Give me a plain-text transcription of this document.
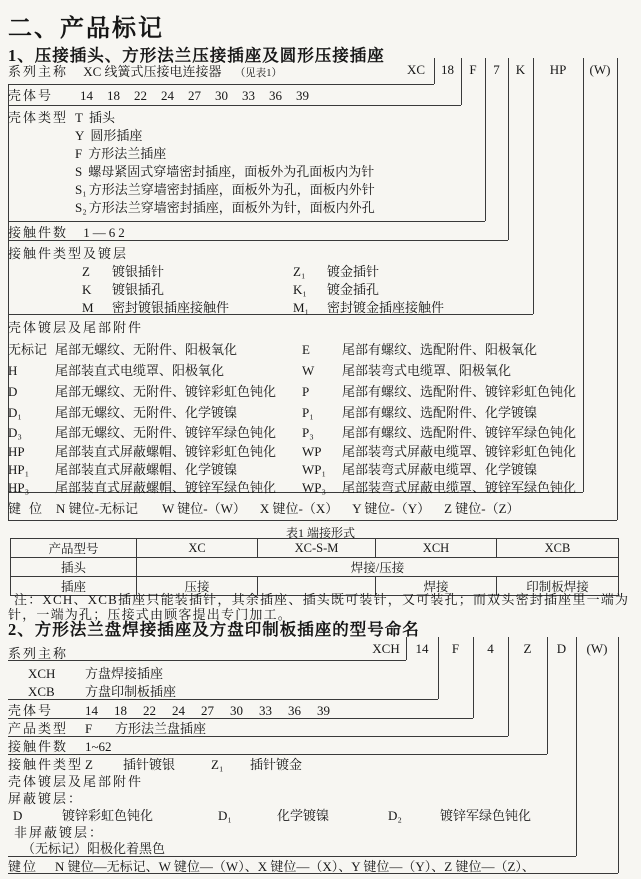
二、产品标记
1、压接插头、方形法兰压接插座及圆形压接插座
XC	18	F	7	K	HP	(W)
系列主称 XC 线簧式压接电连接器 （见表1）
壳体号 14 18 22 24 27 30 33 36 39
壳体类型 T 插头
Y 圆形插座
F 方形法兰插座
S 螺母紧固式穿墙密封插座，面板外为孔面板内为针
S₁ 方形法兰穿墙密封插座，面板外为孔，面板内外针
S₂ 方形法兰穿墙密封插座，面板外为针，面板内外孔
接触件数 1—62
接触件类型及镀层
Z 镀银插针	Z₁ 镀金插针
K 镀银插孔	K₁ 镀金插孔
M 密封镀银插座接触件	M₁ 密封镀金插座接触件
壳体镀层及尾部附件
无标记 尾部无螺纹、无附件、阳极氧化	E 尾部有螺纹、选配附件、阳极氧化
H	尾部装直式电缆罩、阳极氧化	W 尾部装弯式电缆罩、阳极氧化
D	尾部无螺纹、无附件、镀锌彩虹色钝化 P	尾部有螺纹、选配附件、镀锌彩虹色钝化
D₁	尾部无螺纹、无附件、化学镀镍	P₁ 尾部有螺纹、选配附件、化学镀镍
D₃	尾部无螺纹、无附件、镀锌军绿色钝化 P₃ 尾部有螺纹、选配附件、镀锌军绿色钝化
HP 尾部装直式屏蔽螺帽、镀锌彩虹色钝化 WP 尾部装弯式屏蔽电缆罩、镀锌彩虹色钝化
HP₁ 尾部装直式屏蔽螺帽、化学镀镍	WP₁ 尾部装弯式屏蔽电缆罩、化学镀镍
HP₃ 尾部装直式屏蔽螺帽、镀锌军绿色钝化 WP₃ 尾部装弯式屏蔽电缆罩、镀锌军绿色钝化
键位 N 键位-无标记 W 键位-（W） X 键位-（X） Y 键位-（Y） Z 键位-（Z）
表1 端接形式
产品型号	XC	XC-S-M	XCH	XCB
插头	焊接/压接			
插座	压接		焊接	印制板焊接
注：XCH、XCB插座只能装插针，其余插座、插头既可装针，又可装孔；而双头密封插座里一端为
针，一端为孔；压接式由顾客提出专门加工。
2、方形法兰盘焊接插座及方盘印制板插座的型号命名
XCH	14	F	4	Z	D	(W)
系列主称
XCH 方盘焊接插座
XCB 方盘印制板插座
壳体号 14 18 22 24 27 30 33 36 39
产品类型 F 方形法兰盘插座
接触件数 1~62
接触件类型 Z 插针镀银	Z₁ 插针镀金
壳体镀层及尾部附件
屏蔽镀层：
D	镀锌彩虹色钝化	D₁	化学镀镍	D₂	镀锌军绿色钝化
非屏蔽镀层：
（无标记）阳极化着黑色
键位 N 键位—无标记、W 键位—（W）、X 键位—（X）、Y 键位—（Y）、Z 键位—（Z）、
